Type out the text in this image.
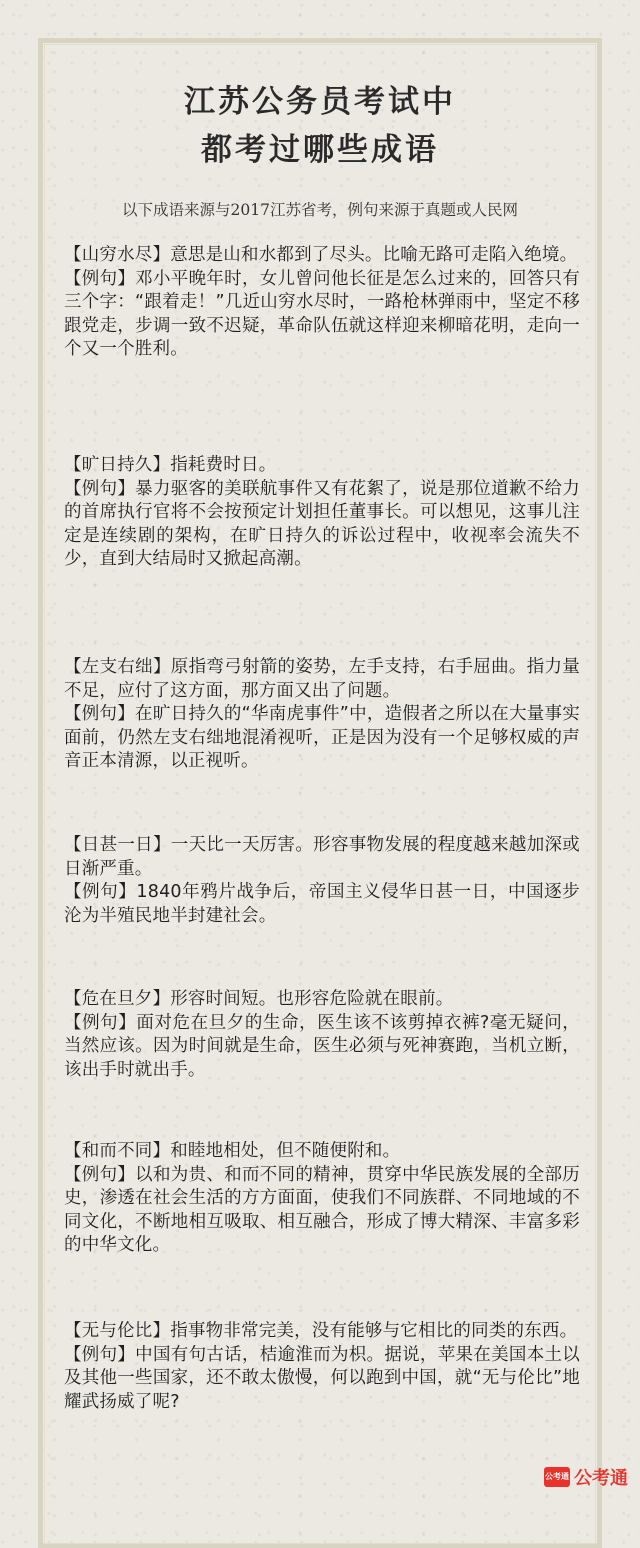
江苏公务员考试中
都考过哪些成语
以下成语来源与2017江苏省考，例句来源于真题或人民网

【山穷水尽】意思是山和水都到了尽头。比喻无路可走陷入绝境。

【例句】邓小平晚年时，女儿曾问他长征是怎么过来的，回答只有三个字：“跟着走！”几近山穷水尽时，一路枪林弹雨中，坚定不移跟党走，步调一致不迟疑，革命队伍就这样迎来柳暗花明，走向一个又一个胜利。

【旷日持久】指耗费时日。

【例句】暴力驱客的美联航事件又有花絮了，说是那位道歉不给力的首席执行官将不会按预定计划担任董事长。可以想见，这事儿注定是连续剧的架构，在旷日持久的诉讼过程中，收视率会流失不少，直到大结局时又掀起高潮。

【左支右绌】原指弯弓射箭的姿势，左手支持，右手屈曲。指力量不足，应付了这方面，那方面又出了问题。

【例句】在旷日持久的“华南虎事件”中，造假者之所以在大量事实面前，仍然左支右绌地混淆视听，正是因为没有一个足够权威的声音正本清源，以正视听。

【日甚一日】一天比一天厉害。形容事物发展的程度越来越加深或日渐严重。

【例句】1840年鸦片战争后，帝国主义侵华日甚一日，中国逐步沦为半殖民地半封建社会。

【危在旦夕】形容时间短。也形容危险就在眼前。

【例句】面对危在旦夕的生命，医生该不该剪掉衣裤?毫无疑问，当然应该。因为时间就是生命，医生必须与死神赛跑，当机立断，该出手时就出手。

【和而不同】和睦地相处，但不随便附和。

【例句】以和为贵、和而不同的精神，贯穿中华民族发展的全部历史，渗透在社会生活的方方面面，使我们不同族群、不同地域的不同文化，不断地相互吸取、相互融合，形成了博大精深、丰富多彩的中华文化。

【无与伦比】指事物非常完美，没有能够与它相比的同类的东西。

【例句】中国有句古话，桔逾淮而为枳。据说，苹果在美国本土以及其他一些国家，还不敢太傲慢，何以跑到中国，就“无与伦比”地耀武扬威了呢?

公考通 公考通
